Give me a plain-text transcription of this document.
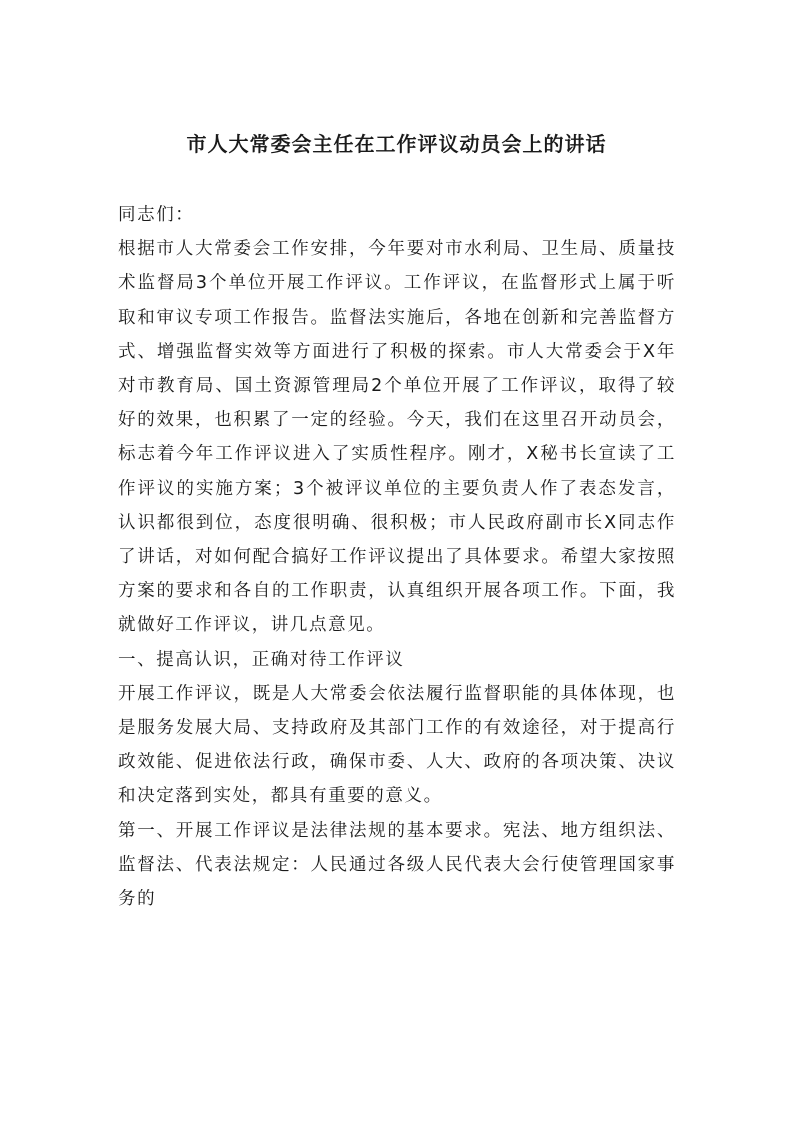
市人大常委会主任在工作评议动员会上的讲话

同志们：

根据市人大常委会工作安排，今年要对市水利局、卫生局、质量技术监督局3个单位开展工作评议。工作评议，在监督形式上属于听取和审议专项工作报告。监督法实施后，各地在创新和完善监督方式、增强监督实效等方面进行了积极的探索。市人大常委会于X年对市教育局、国土资源管理局2个单位开展了工作评议，取得了较好的效果，也积累了一定的经验。今天，我们在这里召开动员会，标志着今年工作评议进入了实质性程序。刚才，X秘书长宣读了工作评议的实施方案；3个被评议单位的主要负责人作了表态发言，认识都很到位，态度很明确、很积极；市人民政府副市长X同志作了讲话，对如何配合搞好工作评议提出了具体要求。希望大家按照方案的要求和各自的工作职责，认真组织开展各项工作。下面，我就做好工作评议，讲几点意见。

一、提高认识，正确对待工作评议

开展工作评议，既是人大常委会依法履行监督职能的具体体现，也是服务发展大局、支持政府及其部门工作的有效途径，对于提高行政效能、促进依法行政，确保市委、人大、政府的各项决策、决议和决定落到实处，都具有重要的意义。

第一、开展工作评议是法律法规的基本要求。宪法、地方组织法、监督法、代表法规定：人民通过各级人民代表大会行使管理国家事务的
